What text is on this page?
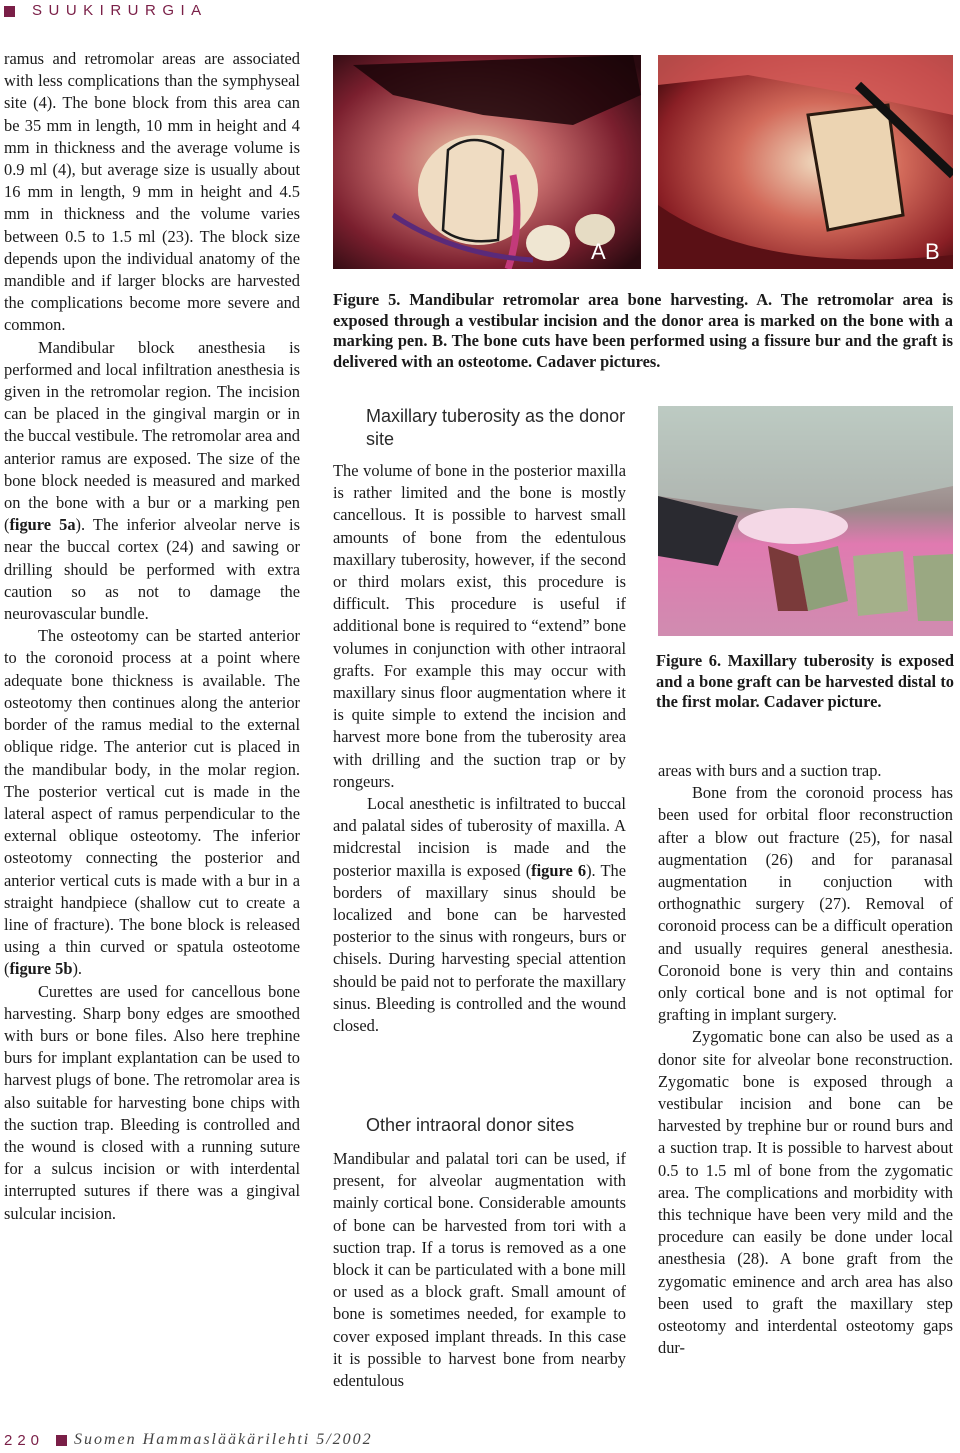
SUUKIRURGIA

ramus and retromolar areas are associated with less complications than the symphyseal site (4). The bone block from this area can be 35 mm in length, 10 mm in height and 4 mm in thickness and the average volume is 0.9 ml (4), but average size is usually about 16 mm in length, 9 mm in height and 4.5 mm in thickness and the volume varies between 0.5 to 1.5 ml (23). The block size depends upon the individual anatomy of the mandible and if larger blocks are harvested the complications become more severe and common.

Mandibular block anesthesia is performed and local infiltration anesthesia is given in the retromolar region. The incision can be placed in the gingival margin or in the buccal vestibule. The retromolar area and anterior ramus are exposed. The size of the bone block needed is measured and marked on the bone with a bur or a marking pen (figure 5a). The inferior alveolar nerve is near the buccal cortex (24) and sawing or drilling should be performed with extra caution so as not to damage the neurovascular bundle.

The osteotomy can be started anterior to the coronoid process at a point where adequate bone thickness is available. The osteotomy then continues along the anterior border of the ramus medial to the external oblique ridge. The anterior cut is placed in the mandibular body, in the molar region. The posterior vertical cut is made in the lateral aspect of ramus perpendicular to the external oblique osteotomy. The inferior osteotomy connecting the posterior and anterior vertical cuts is made with a bur in a straight handpiece (shallow cut to create a line of fracture). The bone block is released using a thin curved or spatula osteotome (figure 5b).

Curettes are used for cancellous bone harvesting. Sharp bony edges are smoothed with burs or bone files. Also here trephine burs for implant explantation can be used to harvest plugs of bone. The retromolar area is also suitable for harvesting bone chips with the suction trap. Bleeding is controlled and the wound is closed with a running suture for a sulcus incision or with interdental interrupted sutures if there was a gingival sulcular incision.

A	B
Figure 5. Mandibular retromolar area bone harvesting. A. The retromolar area is exposed through a vestibular incision and the donor area is marked on the bone with a marking pen. B. The bone cuts have been performed using a fissure bur and the graft is delivered with an osteotome. Cadaver pictures.
Maxillary tuberosity as the donor site

The volume of bone in the posterior maxilla is rather limited and the bone is mostly cancellous. It is possible to harvest small amounts of bone from the edentulous maxillary tuberosity, however, if the second or third molars exist, this procedure is difficult. This procedure is useful if additional bone is required to “extend” bone volumes in conjunction with other intraoral grafts. For example this may occur with maxillary sinus floor augmentation where it is quite simple to extend the incision and harvest more bone from the tuberosity area with drilling and the suction trap or by rongeurs.

Local anesthetic is infiltrated to buccal and palatal sides of tuberosity of maxilla. A midcrestal incision is made and the posterior maxilla is exposed (figure 6). The borders of maxillary sinus should be localized and bone can be harvested posterior to the sinus with rongeurs, burs or chisels. During harvesting special attention should be paid not to perforate the maxillary sinus. Bleeding is controlled and the wound closed.

Other intraoral donor sites

Mandibular and palatal tori can be used, if present, for alveolar augmentation with mainly cortical bone. Considerable amounts of bone can be harvested from tori with a suction trap. If a torus is removed as a one block it can be particulated with a bone mill or used as a block graft. Small amount of bone is sometimes needed, for example to cover exposed implant threads. In this case it is possible to harvest bone from nearby edentulous

Figure 6. Maxillary tuberosity is exposed and a bone graft can be harvested distal to the first molar. Cadaver picture.

areas with burs and a suction trap.

Bone from the coronoid process has been used for orbital floor reconstruction after a blow out fracture (25), for nasal augmentation (26) and for paranasal augmentation in conjuction with orthognathic surgery (27). Removal of coronoid process can be a difficult operation and usually requires general anesthesia. Coronoid bone is very thin and contains only cortical bone and is not optimal for grafting in implant surgery.

Zygomatic bone can also be used as a donor site for alveolar bone reconstruction. Zygomatic bone is exposed through a vestibular incision and bone can be harvested by trephine bur or round burs and a suction trap. It is possible to harvest about 0.5 to 1.5 ml of bone from the zygomatic area. The complications and morbidity with this technique have been very mild and the procedure can easily be done under local anesthesia (28). A bone graft from the zygomatic eminence and arch area has also been used to graft the maxillary step osteotomy and interdental osteotomy gaps dur-

220 Suomen Hammaslääkärilehti 5/2002
